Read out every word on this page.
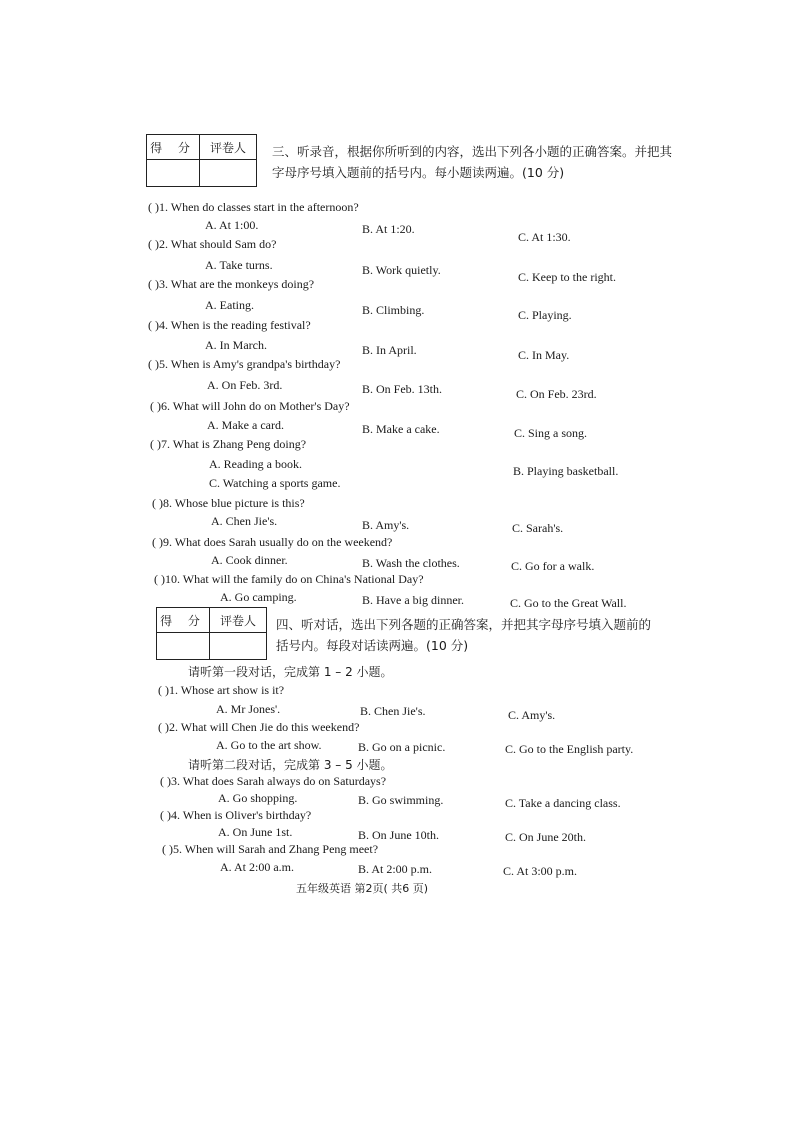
得 分	评卷人
	三、听录音，根据你所听到的内容，选出下列各小题的正确答案。并把其字母序号填入题前的括号内。每小题读两遍。(10 分)
( )1. When do classes start in the afternoon?
A. At 1:00.	B. At 1:20.
C. At 1:30.
( )2. What should Sam do?
A. Take turns.	B. Work quietly.	C. Keep to the right.
( )3. What are the monkeys doing?
A. Eating.	B. Climbing.	C. Playing.
( )4. When is the reading festival?
A. In March.	B. In April.	C. In May.
( )5. When is Amy's grandpa's birthday?
A. On Feb. 3rd.	B. On Feb. 13th.	C. On Feb. 23rd.
( )6. What will John do on Mother's Day?
A. Make a card.	B. Make a cake.	C. Sing a song.
( )7. What is Zhang Peng doing?
A. Reading a book.	B. Playing basketball.
C. Watching a sports game.
( )8. Whose blue picture is this?
A. Chen Jie's.	B. Amy's.	C. Sarah's.
( )9. What does Sarah usually do on the weekend?
A. Cook dinner.	B. Wash the clothes.	C. Go for a walk.
( )10. What will the family do on China's National Day?
A. Go camping.	B. Have a big dinner.	C. Go to the Great Wall.
得 分	评卷人
	四、听对话，选出下列各题的正确答案，并把其字母序号填入题前的括号内。每段对话读两遍。(10 分)
请听第一段对话，完成第 1 – 2 小题。
( )1. Whose art show is it?
A. Mr Jones'.	B. Chen Jie's.	C. Amy's.
( )2. What will Chen Jie do this weekend?
A. Go to the art show.	B. Go on a picnic.	C. Go to the English party.
请听第二段对话，完成第 3 – 5 小题。
( )3. What does Sarah always do on Saturdays?
A. Go shopping.	B. Go swimming.	C. Take a dancing class.
( )4. When is Oliver's birthday?
A. On June 1st.	B. On June 10th.	C. On June 20th.
( )5. When will Sarah and Zhang Peng meet?
A. At 2:00 a.m.	B. At 2:00 p.m.	C. At 3:00 p.m.
五年级英语 第2页( 共6 页)
